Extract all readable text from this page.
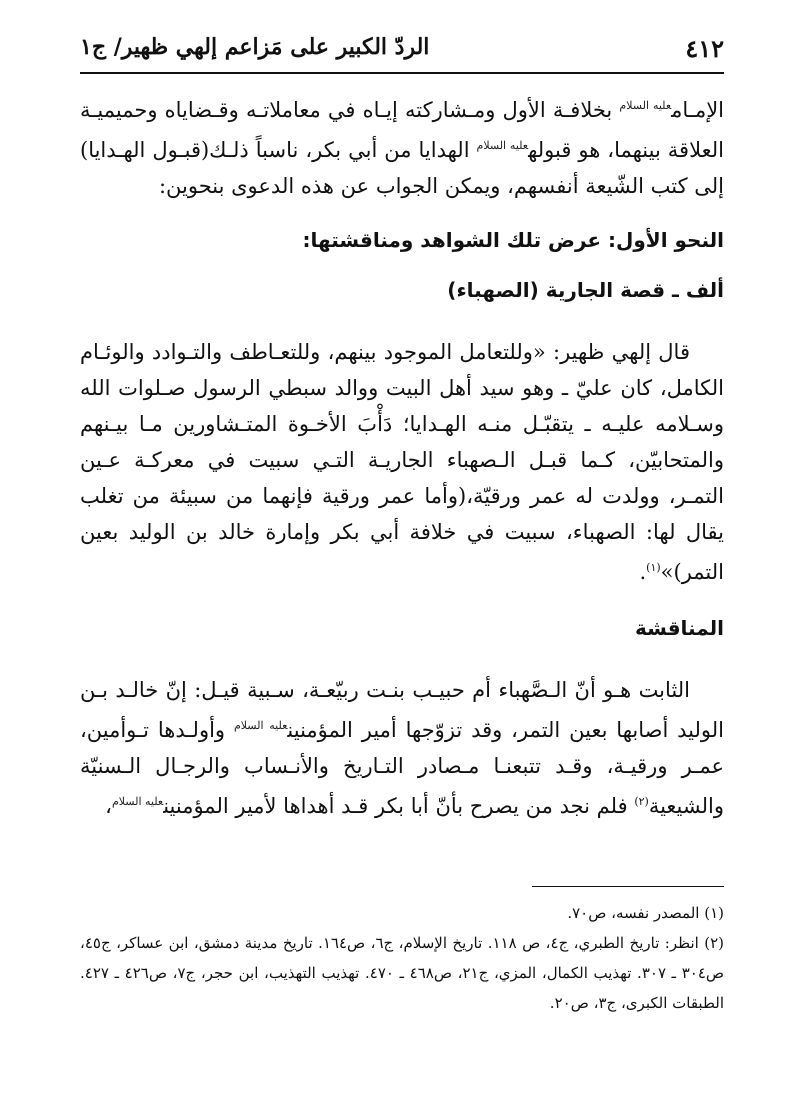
٤١٢
الردّ الكبير على مَزاعم إلهي ظهير/ ج١

الإمـام$^{عليه السلام}$ بخلافـة الأول ومـشاركته إيـاه في معاملاتـه وقـضاياه وحميميـة العلاقة بينهما، هو قبوله$^{عليه السلام}$ الهدايا من أبي بكر، ناسباً ذلـك(قبـول الهـدايا) إلى كتب الشّيعة أنفسهم، ويمكن الجواب عن هذه الدعوى بنحوين:

النحو الأول: عرض تلك الشواهد ومناقشتها:

ألف ـ قصة الجارية (الصهباء)

قال إلهي ظهير: «وللتعامل الموجود بينهم، وللتعـاطف والتـوادد والوئـام الكامل، كان عليّ ـ وهو سيد أهل البيت ووالد سبطي الرسول صـلوات الله وسـلامه عليـه ـ يتقبّـل منـه الهـدايا؛ دَأْبَ الأخـوة المتـشاورين مـا بيـنهم والمتحابيّن، كـما قبـل الـصهباء الجاريـة التـي سبيت في معركـة عـين التمـر، وولدت له عمر ورقيّة،(وأما عمر ورقية فإنهما من سبيئة من تغلب يقال لها: الصهباء، سبيت في خلافة أبي بكر وإمارة خالد بن الوليد بعين التمر)»$^{(١)}$.

المناقشة

الثابت هـو أنّ الـصَّهباء أم حبيـب بنـت ربيّعـة، سـبية قيـل: إنّ خالـد بـن الوليد أصابها بعين التمر، وقد تزوّجها أمير المؤمنين$^{عليه السلام}$ وأولـدها تـوأمين، عمـر ورقيـة، وقـد تتبعنـا مـصادر التـاريخ والأنـساب والرجـال الـسنيّة والشيعية$^{(٢)}$ فلم نجد من يصرح بأنّ أبا بكر قـد أهداها لأمير المؤمنين$^{عليه السلام}$،

(١) المصدر نفسه، ص٧٠.

(٢) انظر: تاريخ الطبري، ج٤، ص ١١٨. تاريخ الإسلام، ج٦، ص١٦٤. تاريخ مدينة دمشق، ابن عساكر، ج٤٥، ص٣٠٤ ـ ٣٠٧. تهذيب الكمال، المزي، ج٢١، ص٤٦٨ ـ ٤٧٠. تهذيب التهذيب، ابن حجر، ج٧، ص٤٢٦ ـ ٤٢٧. الطبقات الكبرى، ج٣، ص٢٠.
